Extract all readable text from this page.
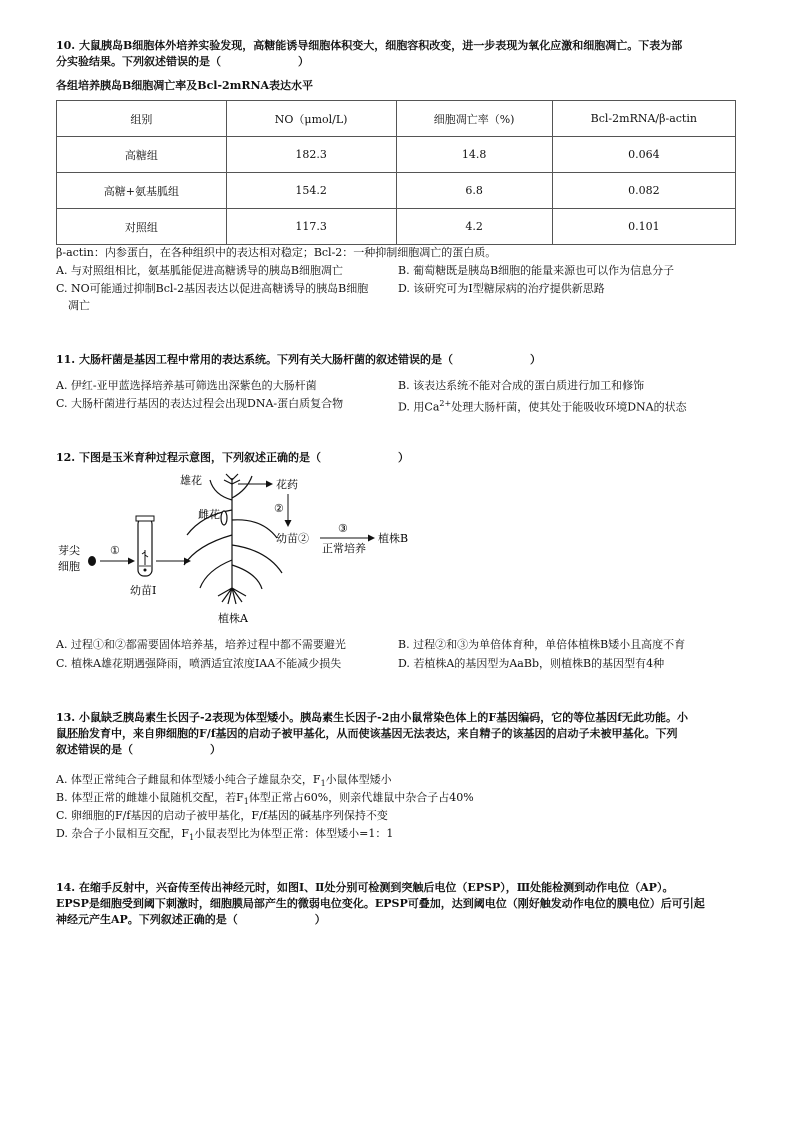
10. 大鼠胰岛B细胞体外培养实验发现，高糖能诱导细胞体积变大，细胞容积改变，进一步表现为氧化应激和细胞凋亡。下表为部
分实验结果。下列叙述错误的是（　　　　　　　）
各组培养胰岛B细胞凋亡率及Bcl-2mRNA表达水平
组别	NO（μmol/L)	细胞凋亡率（%)	Bcl-2mRNA/β-actin
高糖组	182.3	14.8	0.064
高糖+氨基胍组	154.2	6.8	0.082
对照组	117.3	4.2	0.101
β-actin：内参蛋白，在各种组织中的表达相对稳定；Bcl-2：一种抑制细胞凋亡的蛋白质。
A. 与对照组相比，氨基胍能促进高糖诱导的胰岛B细胞凋亡	B. 葡萄糖既是胰岛B细胞的能量来源也可以作为信息分子
C. NO可能通过抑制Bcl-2基因表达以促进高糖诱导的胰岛B细胞
凋亡
D. 该研究可为Ⅰ型糖尿病的治疗提供新思路
11. 大肠杆菌是基因工程中常用的表达系统。下列有关大肠杆菌的叙述错误的是（　　　　　　　）
A. 伊红-亚甲蓝选择培养基可筛选出深紫色的大肠杆菌	B. 该表达系统不能对合成的蛋白质进行加工和修饰
C. 大肠杆菌进行基因的表达过程会出现DNA-蛋白质复合物	D. 用$Ca^{2+}$处理大肠杆菌，使其处于能吸收环境DNA的状态
12. 下图是玉米育种过程示意图，下列叙述正确的是（　　　　　　　）
芽尖
细胞
①
幼苗Ⅰ
雄花
雌花
植株A
花药
②
幼苗②
③
正常培养
植株B
A. 过程①和②都需要固体培养基，培养过程中都不需要避光	B. 过程②和③为单倍体育种，单倍体植株B矮小且高度不育
C. 植株A雄花期遇强降雨，喷洒适宜浓度IAA不能减少损失	D. 若植株A的基因型为AaBb，则植株B的基因型有4种
13. 小鼠缺乏胰岛素生长因子-2表现为体型矮小。胰岛素生长因子-2由小鼠常染色体上的F基因编码，它的等位基因f无此功能。小
鼠胚胎发育中，来自卵细胞的F/f基因的启动子被甲基化，从而使该基因无法表达，来自精子的该基因的启动子未被甲基化。下列
叙述错误的是（　　　　　　　）
A. 体型正常纯合子雌鼠和体型矮小纯合子雄鼠杂交，$F_1$小鼠体型矮小
B. 体型正常的雌雄小鼠随机交配，若$F_1$体型正常占60%，则亲代雄鼠中杂合子占40%
C. 卵细胞的F/f基因的启动子被甲基化，F/f基因的碱基序列保持不变
D. 杂合子小鼠相互交配，$F_1$小鼠表型比为体型正常：体型矮小=1：1
14. 在缩手反射中，兴奋传至传出神经元时，如图Ⅰ、Ⅱ处分别可检测到突触后电位（EPSP），Ⅲ处能检测到动作电位（AP）。
EPSP是细胞受到阈下刺激时，细胞膜局部产生的微弱电位变化。EPSP可叠加，达到阈电位（刚好触发动作电位的膜电位）后可引起
神经元产生AP。下列叙述正确的是（　　　　　　　）
